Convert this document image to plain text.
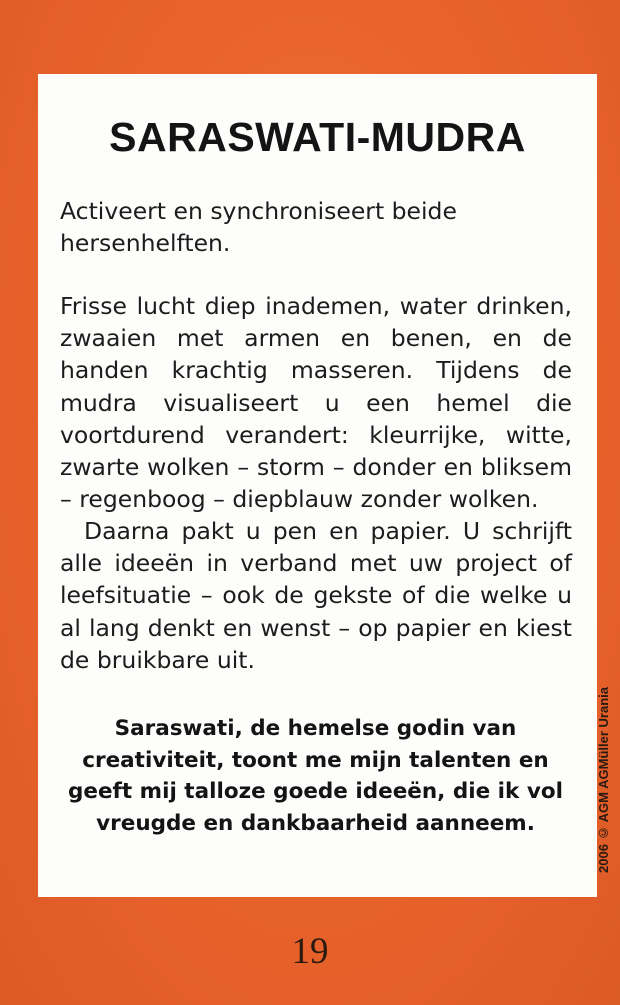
SARASWATI-MUDRA

Activeert en synchroniseert beide hersenhelften.

Frisse lucht diep inademen, water drinken, zwaaien met armen en benen, en de handen krachtig masseren. Tijdens de mudra visualiseert u een hemel die voortdurend verandert: kleurrijke, witte, zwarte wolken – storm – donder en bliksem – regenboog – diepblauw zonder wolken.

Daarna pakt u pen en papier. U schrijft alle ideeën in verband met uw project of leefsituatie – ook de gekste of die welke u al lang denkt en wenst – op papier en kiest de bruikbare uit.

Saraswati, de hemelse godin van creativiteit, toont me mijn talenten en geeft mij talloze goede ideeën, die ik vol vreugde en dankbaarheid aanneem.	2006 © AGM AGMüller Urania
19
